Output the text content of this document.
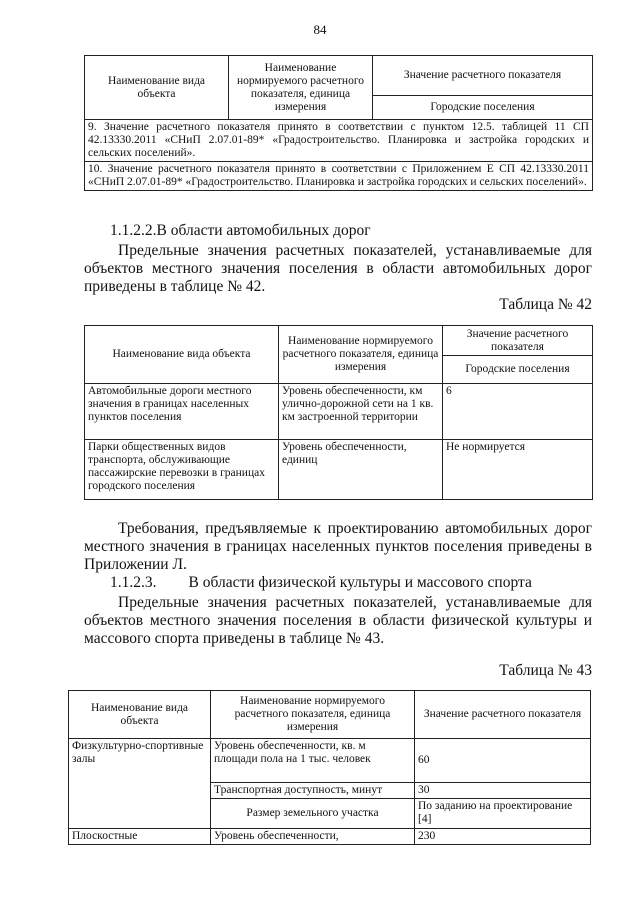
84
Наименование вида объекта	Наименование нормируемого расчетного показателя, единица измерения	Значение расчетного показателя
Городские поселения
9. Значение расчетного показателя принято в соответствии с пунктом 12.5. таблицей 11 СП 42.13330.2011 «СНиП 2.07.01-89* «Градостроительство. Планировка и застройка городских и сельских поселений».
10. Значение расчетного показателя принято в соответствии с Приложением Е СП 42.13330.2011 «СНиП 2.07.01-89* «Градостроительство. Планировка и застройка городских и сельских поселений».
1.1.2.2.В области автомобильных дорог
Предельные значения расчетных показателей, устанавливаемые для объектов местного значения поселения в области автомобильных дорог приведены в таблице № 42.
Таблица № 42
Наименование вида объекта	Наименование нормируемого расчетного показателя, единица измерения	Значение расчетного показателя
		Городские поселения
Автомобильные дороги местного значения в границах населенных пунктов поселения	Уровень обеспеченности, км улично-дорожной сети на 1 кв. км застроенной территории	6
Парки общественных видов транспорта, обслуживающие пассажирские перевозки в границах городского поселения	Уровень обеспеченности, единиц	Не нормируется
Требования, предъявляемые к проектированию автомобильных дорог местного значения в границах населенных пунктов поселения приведены в Приложении Л.
1.1.2.3. В области физической культуры и массового спорта
Предельные значения расчетных показателей, устанавливаемые для объектов местного значения поселения в области физической культуры и массового спорта приведены в таблице № 43.
Таблица № 43
Наименование вида объекта	Наименование нормируемого расчетного показателя, единица измерения	Значение расчетного показателя
Физкультурно-спортивные залы	Уровень обеспеченности, кв. м площади пола на 1 тыс. человек	60
	Транспортная доступность, минут	30
	Размер земельного участка	По заданию на проектирование [4]
Плоскостные	Уровень обеспеченности,	230
